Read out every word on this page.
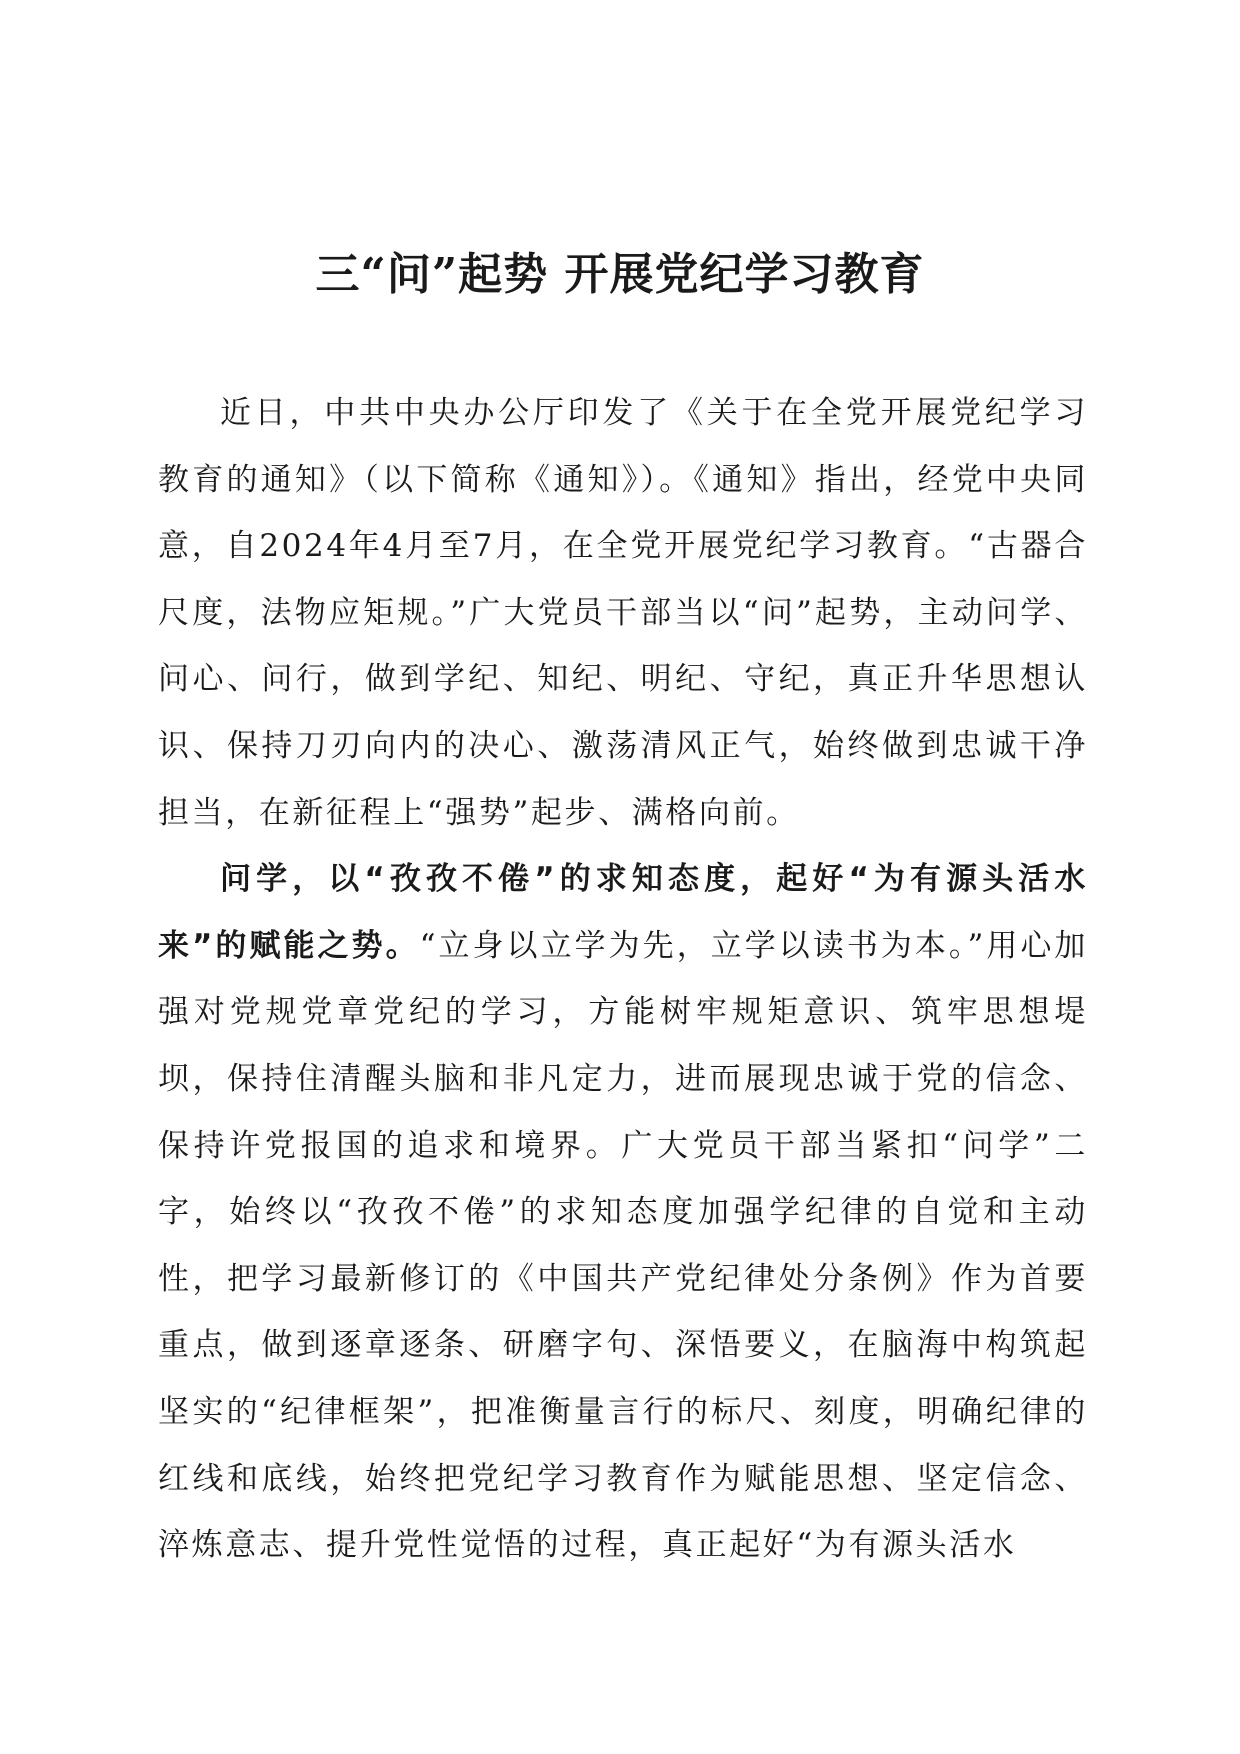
三“问”起势 开展党纪学习教育

近日，中共中央办公厅印发了《关于在全党开展党纪学习教育的通知》（以下简称《通知》）。《通知》指出，经党中央同意，自2024年4月至7月，在全党开展党纪学习教育。“古器合尺度，法物应矩规。”广大党员干部当以“问”起势，主动问学、问心、问行，做到学纪、知纪、明纪、守纪，真正升华思想认识、保持刀刃向内的决心、激荡清风正气，始终做到忠诚干净担当，在新征程上“强势”起步、满格向前。

问学，以“孜孜不倦”的求知态度，起好“为有源头活水来”的赋能之势。“立身以立学为先，立学以读书为本。”用心加强对党规党章党纪的学习，方能树牢规矩意识、筑牢思想堤坝，保持住清醒头脑和非凡定力，进而展现忠诚于党的信念、保持许党报国的追求和境界。广大党员干部当紧扣“问学”二字，始终以“孜孜不倦”的求知态度加强学纪律的自觉和主动性，把学习最新修订的《中国共产党纪律处分条例》作为首要重点，做到逐章逐条、研磨字句、深悟要义，在脑海中构筑起坚实的“纪律框架”，把准衡量言行的标尺、刻度，明确纪律的红线和底线，始终把党纪学习教育作为赋能思想、坚定信念、淬炼意志、提升党性觉悟的过程，真正起好“为有源头活水
